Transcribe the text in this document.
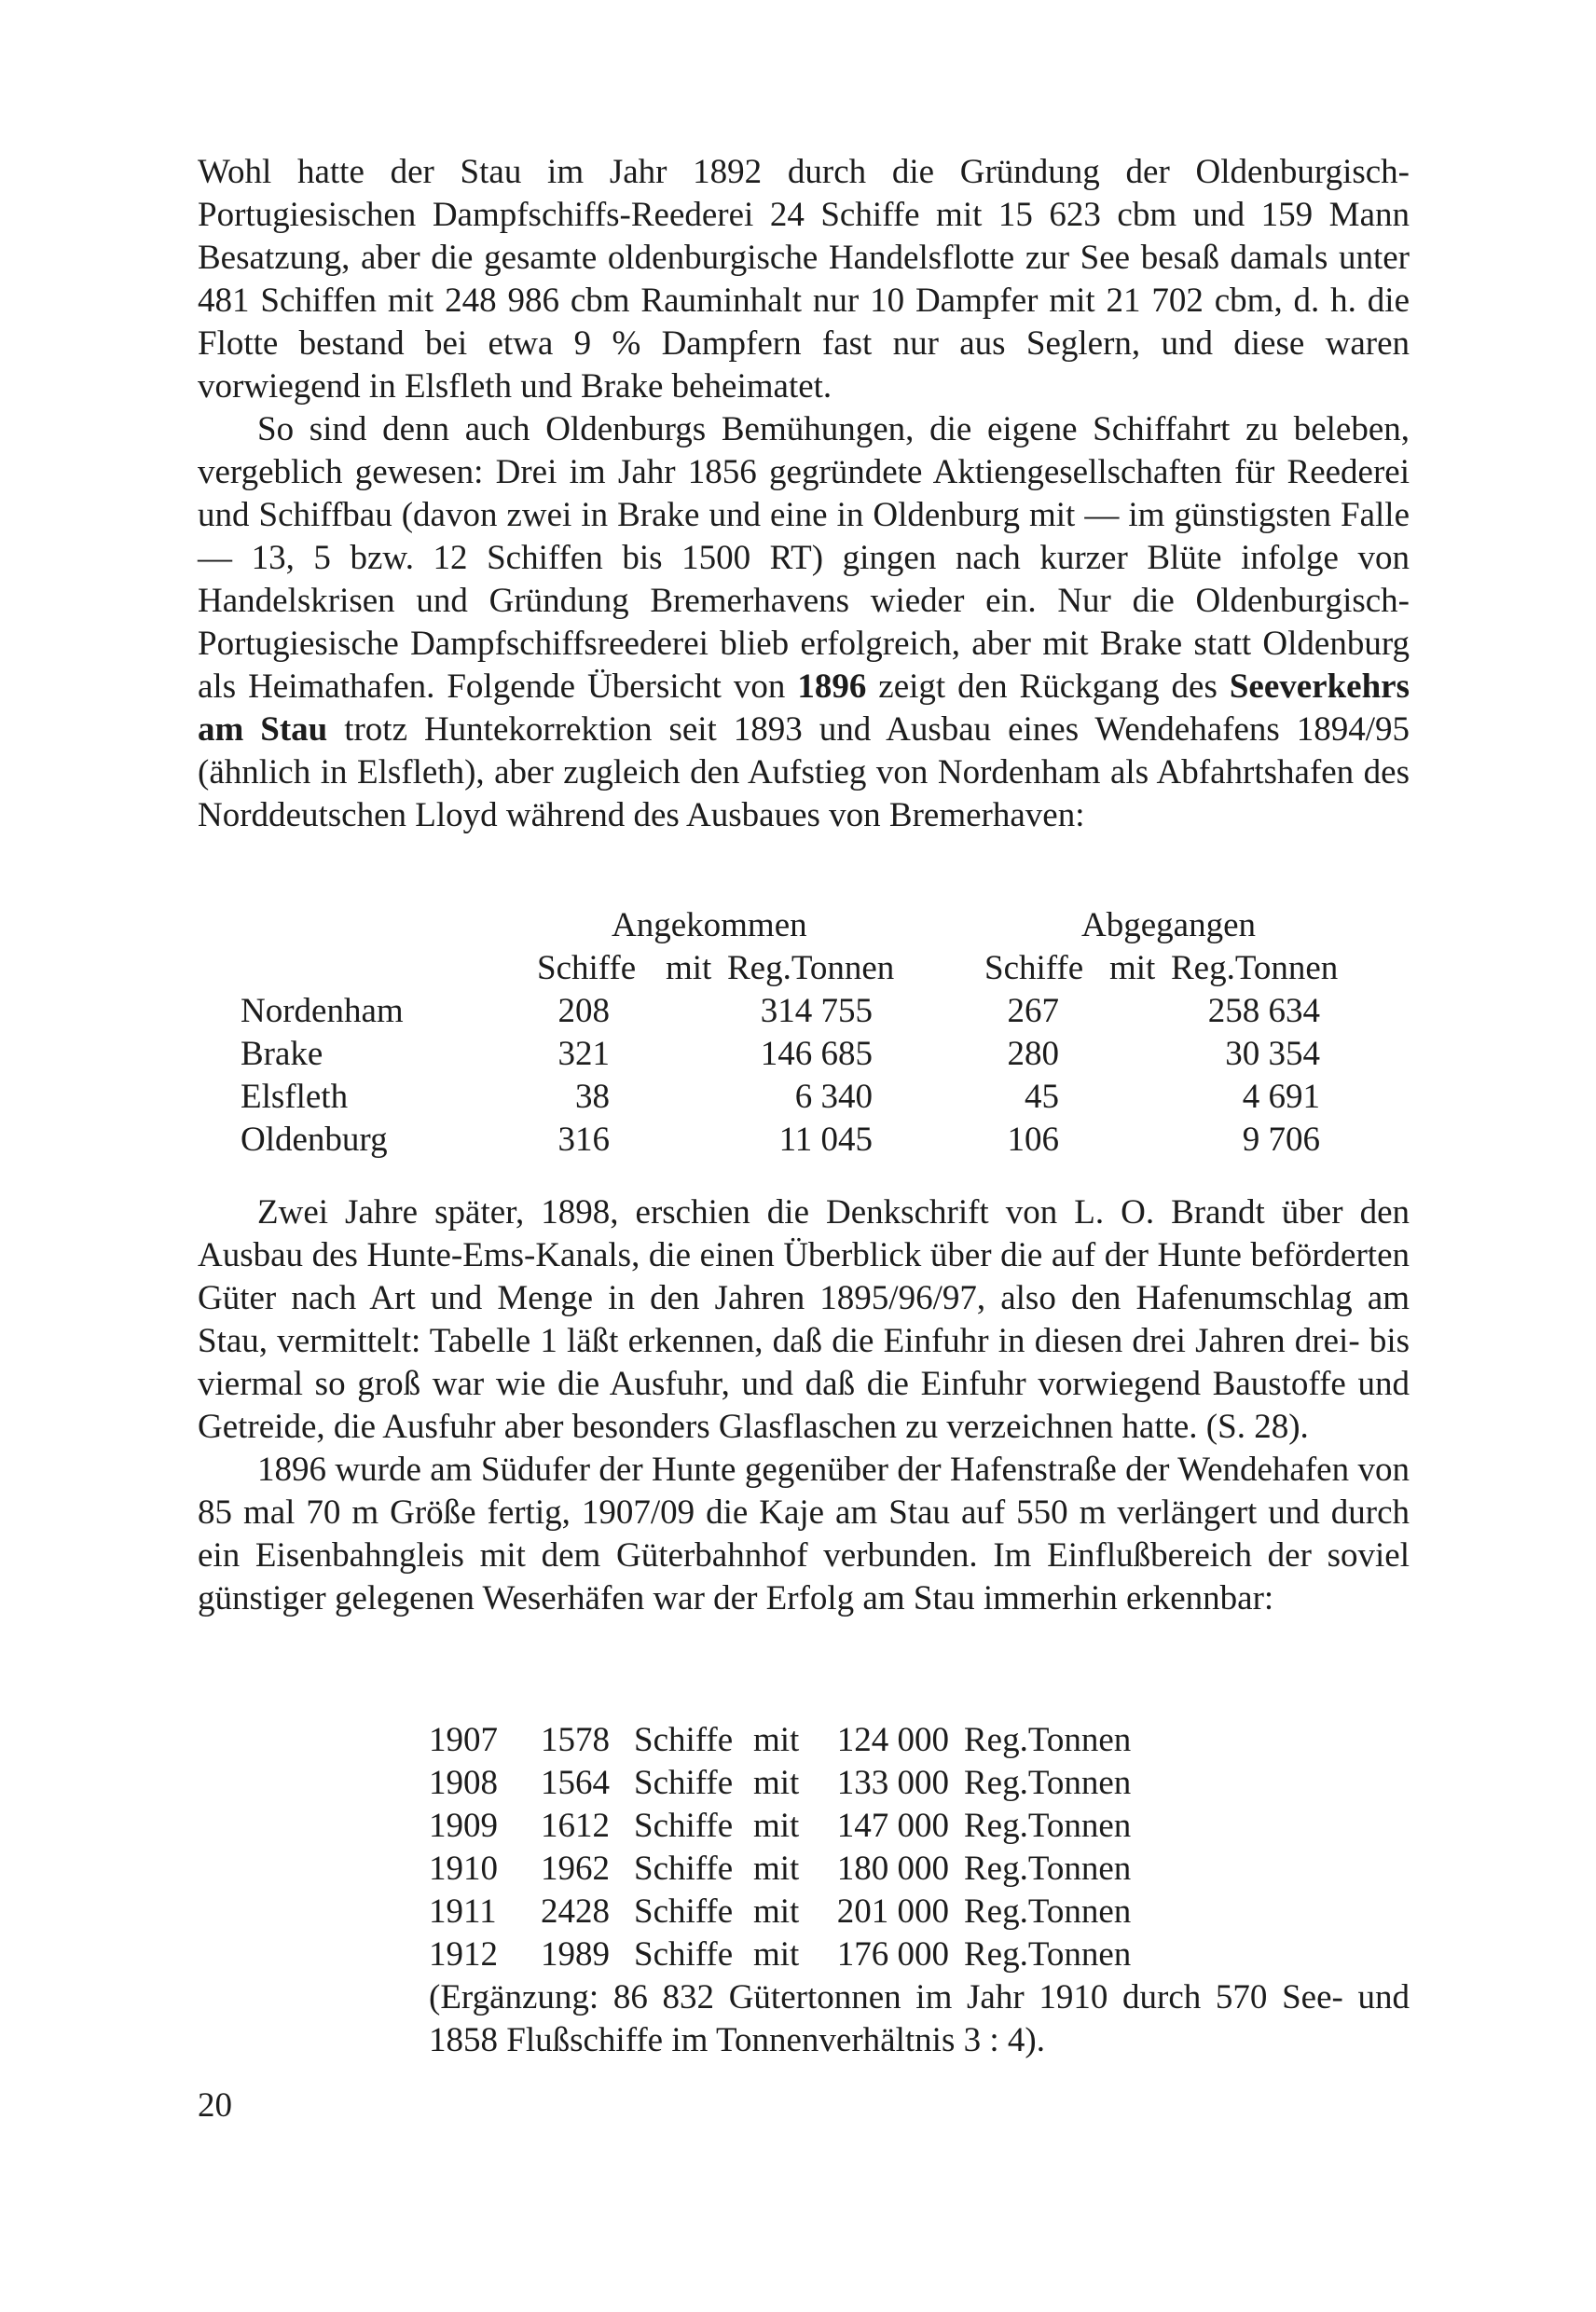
Wohl hatte der Stau im Jahr 1892 durch die Gründung der Oldenburgisch-Portugiesischen Dampfschiffs-Reederei 24 Schiffe mit 15 623 cbm und 159 Mann Besatzung, aber die gesamte oldenburgische Handelsflotte zur See besaß damals unter 481 Schiffen mit 248 986 cbm Rauminhalt nur 10 Dampfer mit 21 702 cbm, d. h. die Flotte bestand bei etwa 9 % Dampfern fast nur aus Seglern, und diese waren vorwiegend in Elsfleth und Brake beheimatet.

So sind denn auch Oldenburgs Bemühungen, die eigene Schiffahrt zu beleben, vergeblich gewesen: Drei im Jahr 1856 gegründete Aktiengesellschaften für Reederei und Schiffbau (davon zwei in Brake und eine in Oldenburg mit — im günstigsten Falle — 13, 5 bzw. 12 Schiffen bis 1500 RT) gingen nach kurzer Blüte infolge von Handelskrisen und Gründung Bremerhavens wieder ein. Nur die Oldenburgisch-Portugiesische Dampfschiffsreederei blieb erfolgreich, aber mit Brake statt Oldenburg als Heimathafen. Folgende Übersicht von 1896 zeigt den Rückgang des Seeverkehrs am Stau trotz Huntekorrektion seit 1893 und Ausbau eines Wendehafens 1894/95 (ähnlich in Elsfleth), aber zugleich den Aufstieg von Nordenham als Abfahrtshafen des Norddeutschen Lloyd während des Ausbaues von Bremerhaven:

Angekommen	Abgegangen
Schiffe mit Reg.Tonnen	Schiffe mit Reg.Tonnen
Nordenham	208	314 755	267	258 634
Brake	321	146 685	280	30 354
Elsfleth	38	6 340	45	4 691
Oldenburg	316	11 045	106	9 706

Zwei Jahre später, 1898, erschien die Denkschrift von L. O. Brandt über den Ausbau des Hunte-Ems-Kanals, die einen Überblick über die auf der Hunte beförderten Güter nach Art und Menge in den Jahren 1895/96/97, also den Hafenumschlag am Stau, vermittelt: Tabelle 1 läßt erkennen, daß die Einfuhr in diesen drei Jahren drei- bis viermal so groß war wie die Ausfuhr, und daß die Einfuhr vorwiegend Baustoffe und Getreide, die Ausfuhr aber besonders Glasflaschen zu verzeichnen hatte. (S. 28).

1896 wurde am Südufer der Hunte gegenüber der Hafenstraße der Wendehafen von 85 mal 70 m Größe fertig, 1907/09 die Kaje am Stau auf 550 m verlängert und durch ein Eisenbahngleis mit dem Güterbahnhof verbunden. Im Einflußbereich der soviel günstiger gelegenen Weserhäfen war der Erfolg am Stau immerhin erkennbar:

1907 1578 Schiffe mit	124 000 Reg.Tonnen
1908 1564 Schiffe mit	133 000 Reg.Tonnen
1909 1612 Schiffe mit	147 000 Reg.Tonnen
1910 1962 Schiffe mit	180 000 Reg.Tonnen
1911 2428 Schiffe mit	201 000 Reg.Tonnen
1912 1989 Schiffe mit	176 000 Reg.Tonnen
(Ergänzung: 86 832 Gütertonnen im Jahr 1910 durch 570 See- und 1858 Flußschiffe im Tonnenverhältnis 3 : 4).
20
